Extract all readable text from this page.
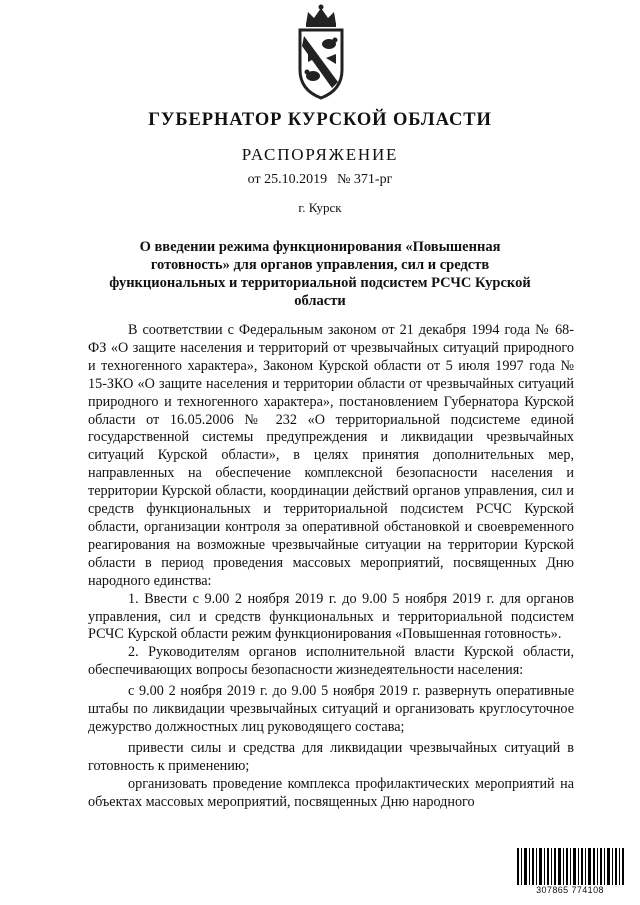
ГУБЕРНАТОР КУРСКОЙ ОБЛАСТИ
РАСПОРЯЖЕНИЕ
от 25.10.2019 № 371-рг
г. Курск
О введении режима функционирования «Повышенная готовность» для органов управления, сил и средств функциональных и территориальной подсистем РСЧС Курской области

В соответствии с Федеральным законом от 21 декабря 1994 года № 68-ФЗ «О защите населения и территорий от чрезвычайных ситуаций природного и техногенного характера», Законом Курской области от 5 июля 1997 года № 15-ЗКО «О защите населения и территории области от чрезвычайных ситуаций природного и техногенного характера», постановлением Губернатора Курской области от 16.05.2006 № 232 «О территориальной подсистеме единой государственной системы предупреждения и ликвидации чрезвычайных ситуаций Курской области», в целях принятия дополнительных мер, направленных на обеспечение комплексной безопасности населения и территории Курской области, координации действий органов управления, сил и средств функциональных и территориальной подсистем РСЧС Курской области, организации контроля за оперативной обстановкой и своевременного реагирования на возможные чрезвычайные ситуации на территории Курской области в период проведения массовых мероприятий, посвященных Дню народного единства:

1. Ввести с 9.00 2 ноября 2019 г. до 9.00 5 ноября 2019 г. для органов управления, сил и средств функциональных и территориальной подсистем РСЧС Курской области режим функционирования «Повышенная готовность».

2. Руководителям органов исполнительной власти Курской области, обеспечивающих вопросы безопасности жизнедеятельности населения:

с 9.00 2 ноября 2019 г. до 9.00 5 ноября 2019 г. развернуть оперативные штабы по ликвидации чрезвычайных ситуаций и организовать круглосуточное дежурство должностных лиц руководящего состава;

привести силы и средства для ликвидации чрезвычайных ситуаций в готовность к применению;

организовать проведение комплекса профилактических мероприятий на объектах массовых мероприятий, посвященных Дню народного

307865 774108
